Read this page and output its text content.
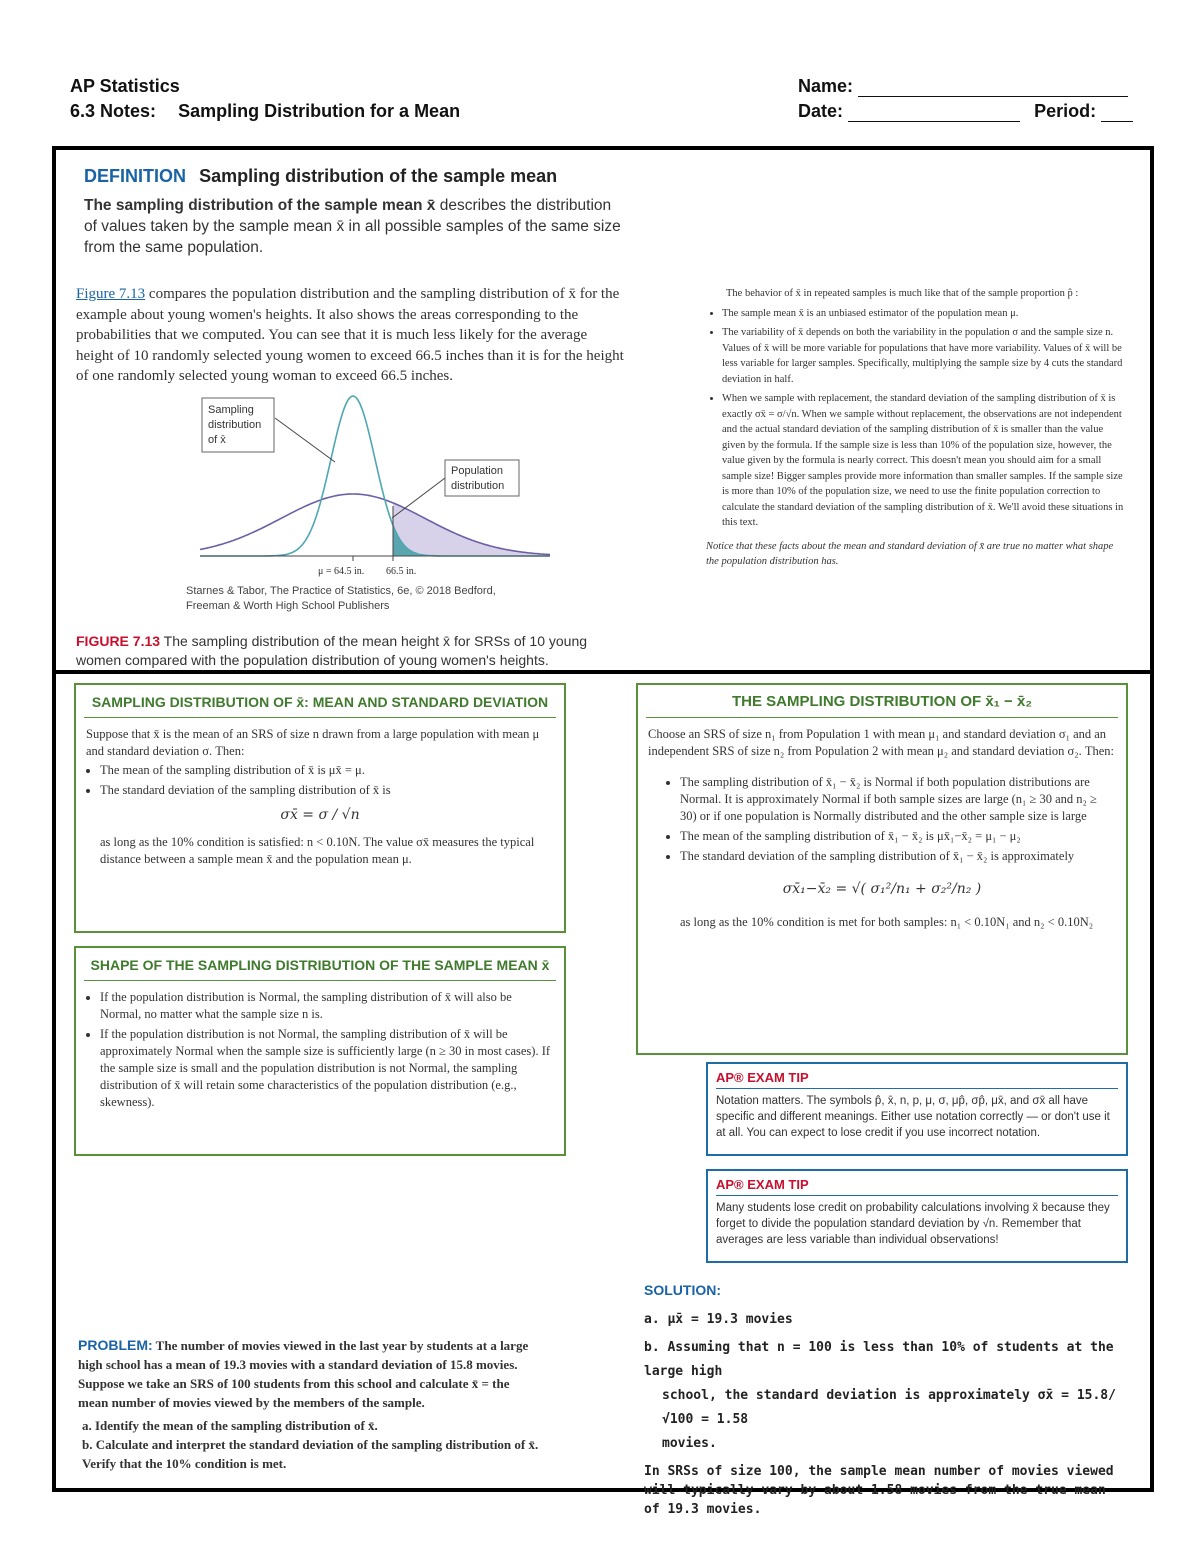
AP Statistics
6.3 Notes: Sampling Distribution for a Mean
Name:
Date:	Period:
DEFINITION Sampling distribution of the sample mean
The sampling distribution of the sample mean x̄ describes the distribution of values taken by the sample mean x̄ in all possible samples of the same size from the same population.
Figure 7.13 compares the population distribution and the sampling distribution of x̄ for the example about young women's heights. It also shows the areas corresponding to the probabilities that we computed. You can see that it is much less likely for the average height of 10 randomly selected young women to exceed 66.5 inches than it is for the height of one randomly selected young woman to exceed 66.5 inches.
Sampling
distribution
of x̄
Population
distribution
μ = 64.5 in. 66.5 in.
Starnes & Tabor, The Practice of Statistics, 6e, © 2018 Bedford,
Freeman & Worth High School Publishers
FIGURE 7.13 The sampling distribution of the mean height x̄ for SRSs of 10 young women compared with the population distribution of young women's heights.
The behavior of x̄ in repeated samples is much like that of the sample proportion p̂ :
• The sample mean x̄ is an unbiased estimator of the population mean μ.
• The variability of x̄ depends on both the variability in the population σ and the sample size n. Values of x̄ will be more variable for populations that have more variability. Values of x̄ will be less variable for larger samples. Specifically, multiplying the sample size by 4 cuts the standard deviation in half.
• When we sample with replacement, the standard deviation of the sampling distribution of x̄ is exactly σx̄ = σ/√n. When we sample without replacement, the observations are not independent and the actual standard deviation of the sampling distribution of x̄ is smaller than the value given by the formula. If the sample size is less than 10% of the population size, however, the value given by the formula is nearly correct. This doesn't mean you should aim for a small sample size! Bigger samples provide more information than smaller samples. If the sample size is more than 10% of the population size, we need to use the finite population correction to calculate the standard deviation of the sampling distribution of x̄. We'll avoid these situations in this text.
Notice that these facts about the mean and standard deviation of x̄ are true no matter what shape the population distribution has.
SAMPLING DISTRIBUTION OF x̄: MEAN AND STANDARD DEVIATION
Suppose that x̄ is the mean of an SRS of size n drawn from a large population with mean μ and standard deviation σ. Then:
• The mean of the sampling distribution of x̄ is μx̄ = μ.
• The standard deviation of the sampling distribution of x̄ is
σx̄ = σ / √n
as long as the 10% condition is satisfied: n < 0.10N. The value σx̄ measures the typical distance between a sample mean x̄ and the population mean μ.
SHAPE OF THE SAMPLING DISTRIBUTION OF THE SAMPLE MEAN x̄
• If the population distribution is Normal, the sampling distribution of x̄ will also be Normal, no matter what the sample size n is.
• If the population distribution is not Normal, the sampling distribution of x̄ will be approximately Normal when the sample size is sufficiently large (n ≥ 30 in most cases). If the sample size is small and the population distribution is not Normal, the sampling distribution of x̄ will retain some characteristics of the population distribution (e.g., skewness).
THE SAMPLING DISTRIBUTION OF x̄₁ − x̄₂
Choose an SRS of size n₁ from Population 1 with mean μ₁ and standard deviation σ₁ and an independent SRS of size n₂ from Population 2 with mean μ₂ and standard deviation σ₂. Then:
• The sampling distribution of x̄₁ − x̄₂ is Normal if both population distributions are Normal. It is approximately Normal if both sample sizes are large (n₁ ≥ 30 and n₂ ≥ 30) or if one population is Normally distributed and the other sample size is large
• The mean of the sampling distribution of x̄₁ − x̄₂ is μx̄₁−x̄₂ = μ₁ − μ₂
• The standard deviation of the sampling distribution of x̄₁ − x̄₂ is approximately
σx̄₁−x̄₂ = √( σ₁²/n₁ + σ₂²/n₂ )
as long as the 10% condition is met for both samples: n₁ < 0.10N₁ and n₂ < 0.10N₂
AP® EXAM TIP
Notation matters. The symbols p̂, x̄, n, p, μ, σ, μp̂, σp̂, μx̄, and σx̄ all have specific and different meanings. Either use notation correctly — or don't use it at all. You can expect to lose credit if you use incorrect notation.
AP® EXAM TIP
Many students lose credit on probability calculations involving x̄ because they forget to divide the population standard deviation by √n. Remember that averages are less variable than individual observations!
PROBLEM: The number of movies viewed in the last year by students at a large high school has a mean of 19.3 movies with a standard deviation of 15.8 movies. Suppose we take an SRS of 100 students from this school and calculate x̄ = the mean number of movies viewed by the members of the sample.
a. Identify the mean of the sampling distribution of x̄.
b. Calculate and interpret the standard deviation of the sampling distribution of x̄. Verify that the 10% condition is met.
SOLUTION:
a. μx̄ = 19.3 movies
b. Assuming that n = 100 is less than 10% of students at the large high
school, the standard deviation is approximately σx̄ = 15.8/√100 = 1.58
movies.
In SRSs of size 100, the sample mean number of movies viewed will typically vary by about 1.58 movies from the true mean of 19.3 movies.
